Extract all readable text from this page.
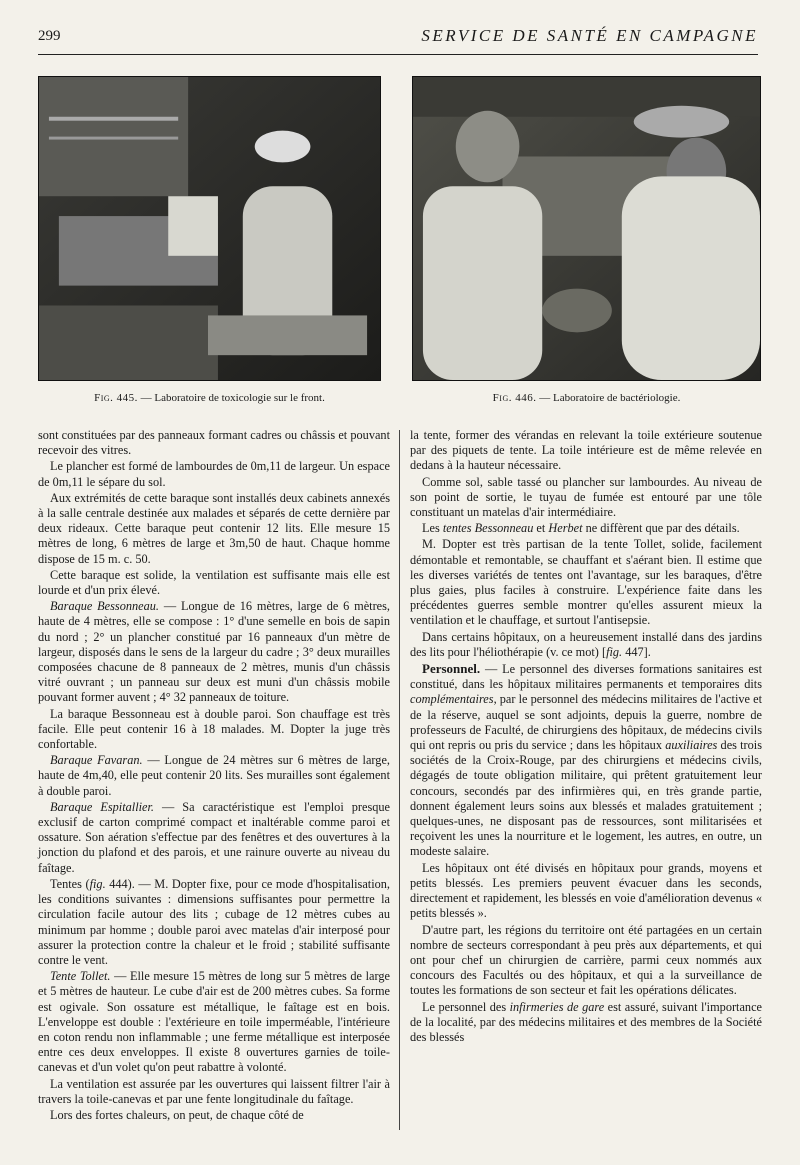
299	SERVICE DE SANTÉ EN CAMPAGNE
Fig. 445. — Laboratoire de toxicologie sur le front.	Fig. 446. — Laboratoire de bactériologie.

sont constituées par des panneaux formant cadres ou châssis et pouvant recevoir des vitres.

Le plancher est formé de lambourdes de 0m,11 de largeur. Un espace de 0m,11 le sépare du sol.

Aux extrémités de cette baraque sont installés deux cabinets annexés à la salle centrale destinée aux malades et séparés de cette dernière par deux rideaux. Cette baraque peut contenir 12 lits. Elle mesure 15 mètres de long, 6 mètres de large et 3m,50 de haut. Chaque homme dispose de 15 m. c. 50.

Cette baraque est solide, la ventilation est suffisante mais elle est lourde et d'un prix élevé.

Baraque Bessonneau. — Longue de 16 mètres, large de 6 mètres, haute de 4 mètres, elle se compose : 1° d'une semelle en bois de sapin du nord ; 2° un plancher constitué par 16 panneaux d'un mètre de largeur, disposés dans le sens de la largeur du cadre ; 3° deux murailles composées chacune de 8 panneaux de 2 mètres, munis d'un châssis vitré ouvrant ; un panneau sur deux est muni d'un châssis mobile pouvant former auvent ; 4° 32 panneaux de toiture.

La baraque Bessonneau est à double paroi. Son chauffage est très facile. Elle peut contenir 16 à 18 malades. M. Dopter la juge très confortable.

Baraque Favaran. — Longue de 24 mètres sur 6 mètres de large, haute de 4m,40, elle peut contenir 20 lits. Ses murailles sont également à double paroi.

Baraque Espitallier. — Sa caractéristique est l'emploi presque exclusif de carton comprimé compact et inaltérable comme paroi et ossature. Son aération s'effectue par des fenêtres et des ouvertures à la jonction du plafond et des parois, et une rainure ouverte au niveau du faîtage.

Tentes (fig. 444). — M. Dopter fixe, pour ce mode d'hospitalisation, les conditions suivantes : dimensions suffisantes pour permettre la circulation facile autour des lits ; cubage de 12 mètres cubes au minimum par homme ; double paroi avec matelas d'air interposé pour assurer la protection contre la chaleur et le froid ; stabilité suffisante contre le vent.

Tente Tollet. — Elle mesure 15 mètres de long sur 5 mètres de large et 5 mètres de hauteur. Le cube d'air est de 200 mètres cubes. Sa forme est ogivale. Son ossature est métallique, le faîtage est en bois. L'enveloppe est double : l'extérieure en toile imperméable, l'intérieure en coton rendu non inflammable ; une ferme métallique est interposée entre ces deux enveloppes. Il existe 8 ouvertures garnies de toile-canevas et d'un volet qu'on peut rabattre à volonté.

La ventilation est assurée par les ouvertures qui laissent filtrer l'air à travers la toile-canevas et par une fente longitudinale du faîtage.

Lors des fortes chaleurs, on peut, de chaque côté de

la tente, former des vérandas en relevant la toile extérieure soutenue par des piquets de tente. La toile intérieure est de même relevée en dedans à la hauteur nécessaire.

Comme sol, sable tassé ou plancher sur lambourdes. Au niveau de son point de sortie, le tuyau de fumée est entouré par une tôle constituant un matelas d'air intermédiaire.

Les tentes Bessonneau et Herbet ne diffèrent que par des détails.

M. Dopter est très partisan de la tente Tollet, solide, facilement démontable et remontable, se chauffant et s'aérant bien. Il estime que les diverses variétés de tentes ont l'avantage, sur les baraques, d'être plus gaies, plus faciles à construire. L'expérience faite dans les précédentes guerres semble montrer qu'elles assurent mieux la ventilation et le chauffage, et surtout l'antisepsie.

Dans certains hôpitaux, on a heureusement installé dans des jardins des lits pour l'héliothérapie (v. ce mot) [fig. 447].

Personnel. — Le personnel des diverses formations sanitaires est constitué, dans les hôpitaux militaires permanents et temporaires dits complémentaires, par le personnel des médecins militaires de l'active et de la réserve, auquel se sont adjoints, depuis la guerre, nombre de professeurs de Faculté, de chirurgiens des hôpitaux, de médecins civils qui ont repris ou pris du service ; dans les hôpitaux auxiliaires des trois sociétés de la Croix-Rouge, par des chirurgiens et médecins civils, dégagés de toute obligation militaire, qui prêtent gratuitement leur concours, secondés par des infirmières qui, en très grande partie, donnent également leurs soins aux blessés et malades gratuitement ; quelques-unes, ne disposant pas de ressources, sont militarisées et reçoivent les unes la nourriture et le logement, les autres, en outre, un modeste salaire.

Les hôpitaux ont été divisés en hôpitaux pour grands, moyens et petits blessés. Les premiers peuvent évacuer dans les seconds, directement et rapidement, les blessés en voie d'amélioration devenus « petits blessés ».

D'autre part, les régions du territoire ont été partagées en un certain nombre de secteurs correspondant à peu près aux départements, et qui ont pour chef un chirurgien de carrière, parmi ceux nommés aux concours des Facultés ou des hôpitaux, et qui a la surveillance de toutes les formations de son secteur et fait les opérations délicates.

Le personnel des infirmeries de gare est assuré, suivant l'importance de la localité, par des médecins militaires et des membres de la Société des blessés
